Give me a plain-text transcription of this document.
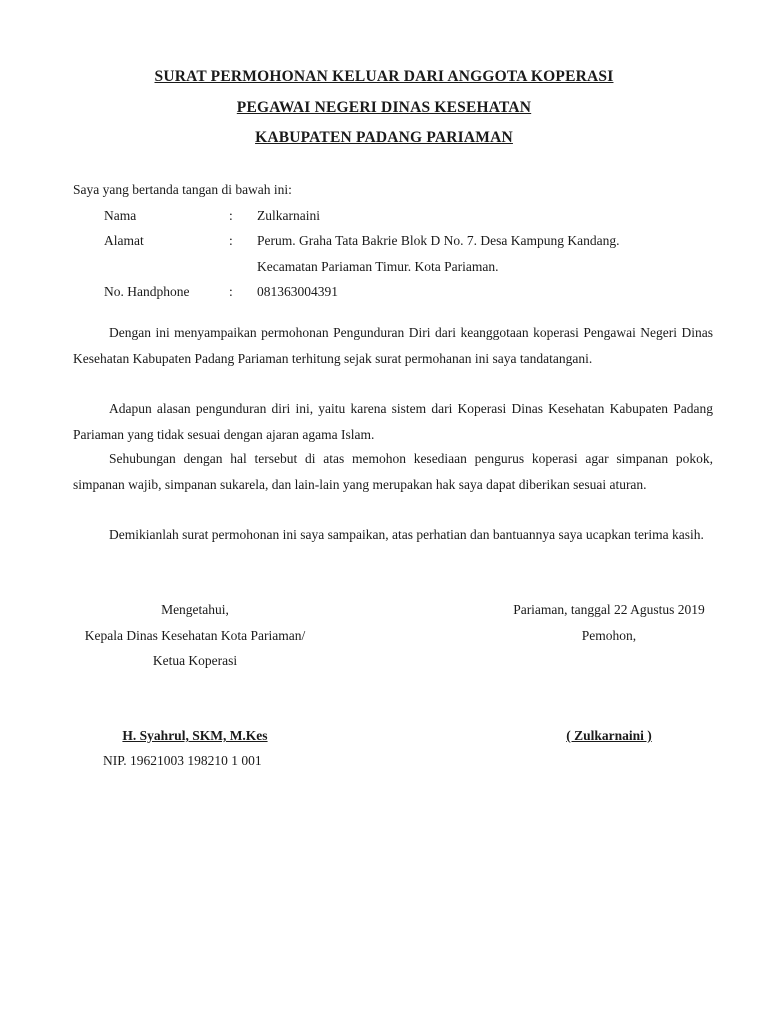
SURAT PERMOHONAN KELUAR DARI ANGGOTA KOPERASI
PEGAWAI NEGERI DINAS KESEHATAN
KABUPATEN PADANG PARIAMAN
Saya yang bertanda tangan di bawah ini:
Nama	: Zulkarnaini
Alamat	: Perum. Graha Tata Bakrie Blok D No. 7. Desa Kampung Kandang.
Kecamatan Pariaman Timur. Kota Pariaman.
No. Handphone	: 081363004391

Dengan ini menyampaikan permohonan Pengunduran Diri dari keanggotaan koperasi Pengawai Negeri Dinas Kesehatan Kabupaten Padang Pariaman terhitung sejak surat permohanan ini saya tandatangani.

Adapun alasan pengunduran diri ini, yaitu karena sistem dari Koperasi Dinas Kesehatan Kabupaten Padang Pariaman yang tidak sesuai dengan ajaran agama Islam.

Sehubungan dengan hal tersebut di atas memohon kesediaan pengurus koperasi agar simpanan pokok, simpanan wajib, simpanan sukarela, dan lain-lain yang merupakan hak saya dapat diberikan sesuai aturan.

Demikianlah surat permohonan ini saya sampaikan, atas perhatian dan bantuannya saya ucapkan terima kasih.

Mengetahui,
Kepala Dinas Kesehatan Kota Pariaman/
Ketua Koperasi
H. Syahrul, SKM, M.Kes
NIP. 19621003 198210 1 001
Pariaman, tanggal 22 Agustus 2019
Pemohon,
( Zulkarnaini )
